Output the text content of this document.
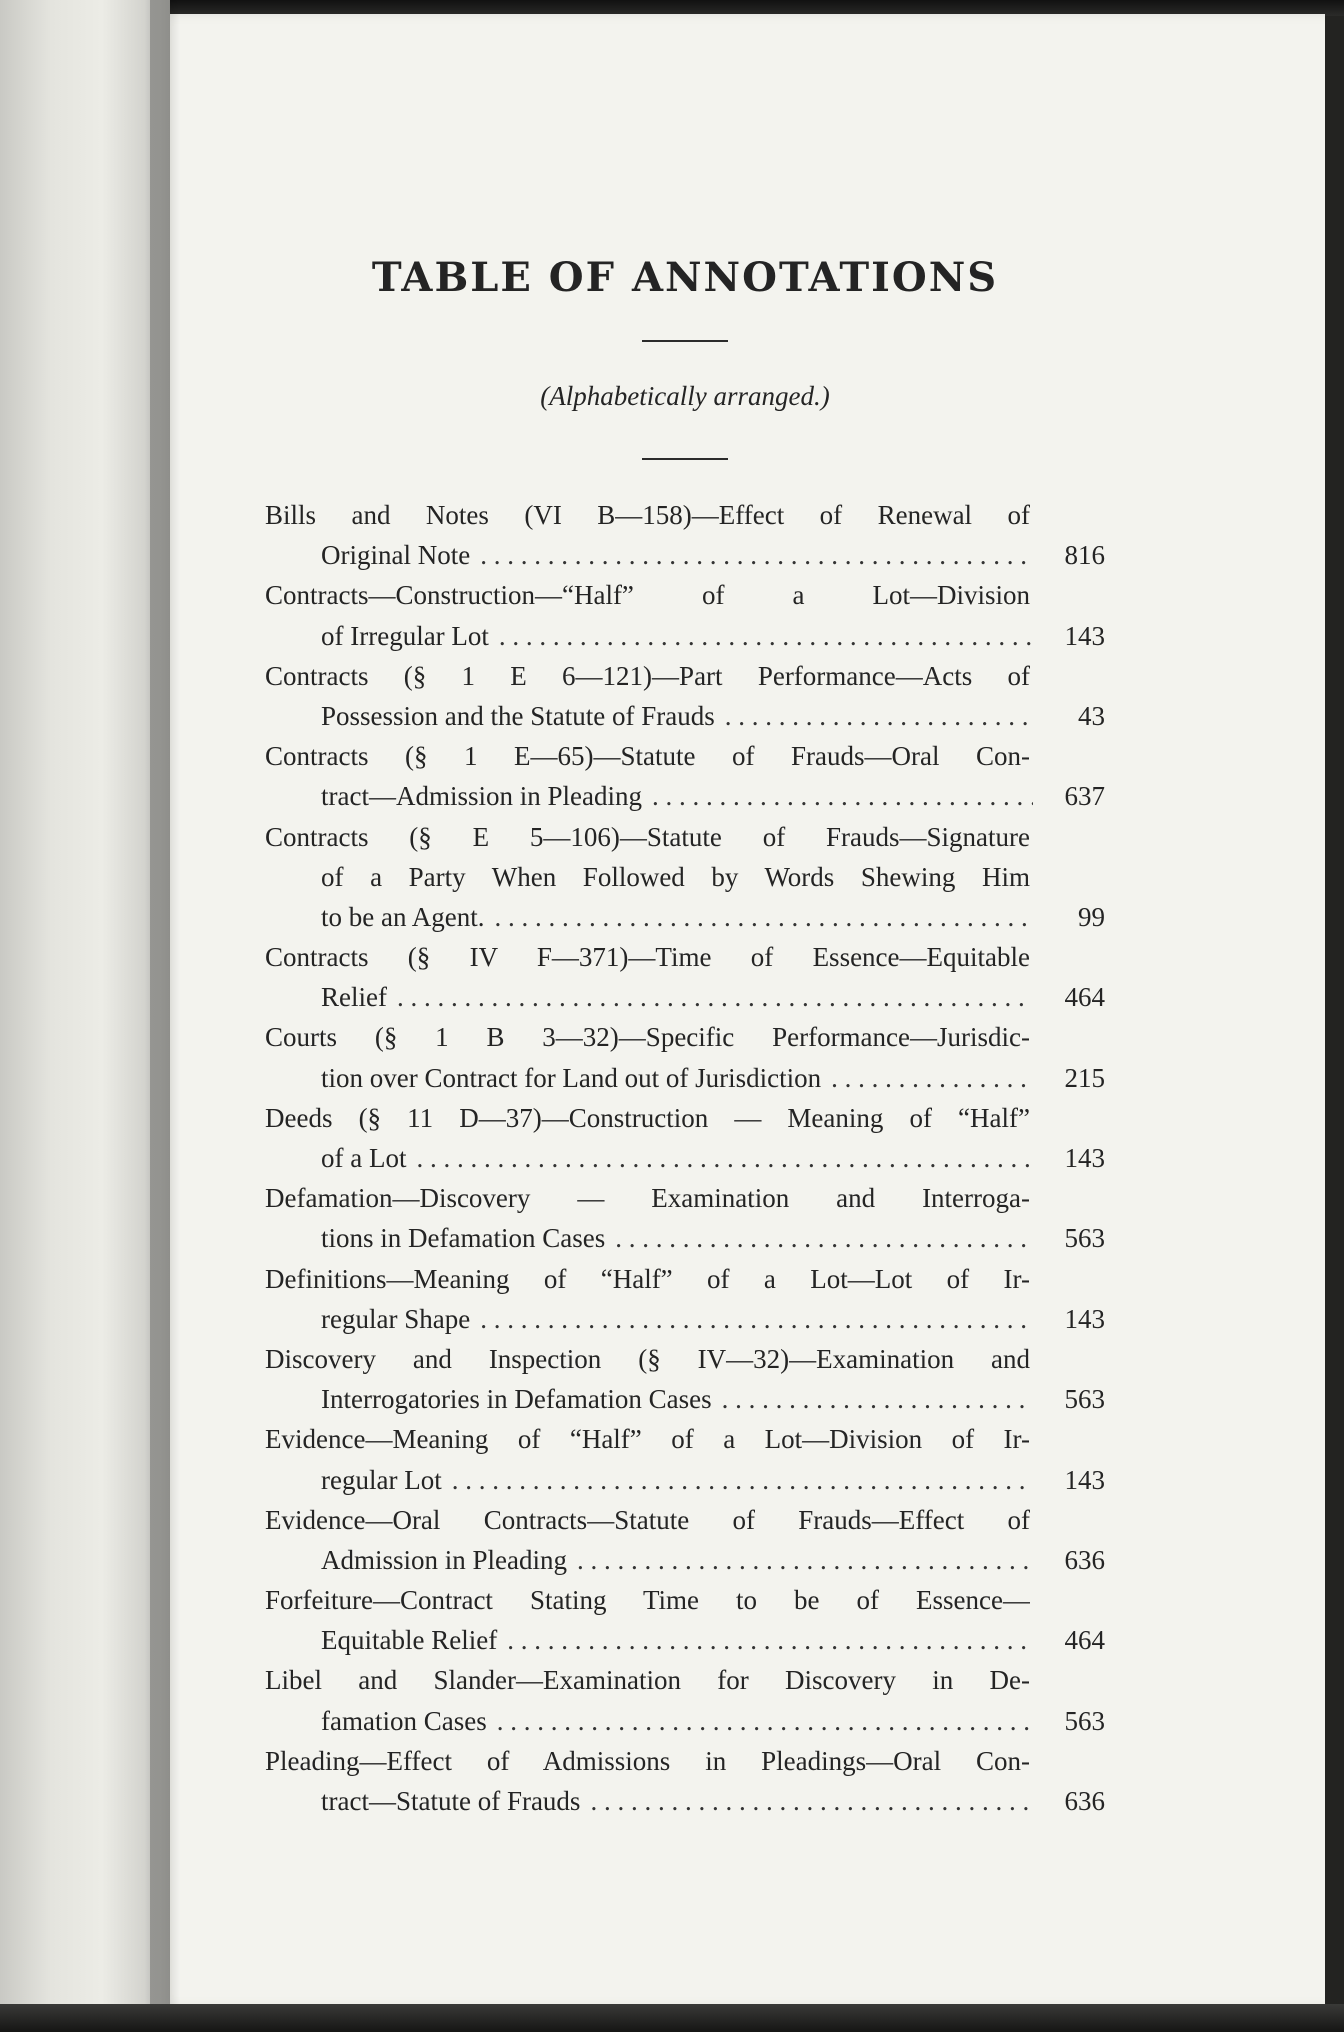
TABLE OF ANNOTATIONS
(Alphabetically arranged.)
Bills and Notes (VI B—158)—Effect of Renewal of
Original Note . . .	816
Contracts—Construction—“Half” of a Lot—Division
of Irregular Lot . . .	143
Contracts (§ 1 E 6—121)—Part Performance—Acts of
Possession and the Statute of Frauds . . .	43
Contracts (§ 1 E—65)—Statute of Frauds—Oral Con-
tract—Admission in Pleading . . .	637
Contracts (§ E 5—106)—Statute of Frauds—Signature
of a Party When Followed by Words Shewing Him
to be an Agent. . . .	99
Contracts (§ IV F—371)—Time of Essence—Equitable
Relief . . .	464
Courts (§ 1 B 3—32)—Specific Performance—Jurisdic-
tion over Contract for Land out of Jurisdiction . . .	215
Deeds (§ 11 D—37)—Construction — Meaning of “Half”
of a Lot . . .	143
Defamation—Discovery — Examination and Interroga-
tions in Defamation Cases . . .	563
Definitions—Meaning of “Half” of a Lot—Lot of Ir-
regular Shape . . .	143
Discovery and Inspection (§ IV—32)—Examination and
Interrogatories in Defamation Cases . . .	563
Evidence—Meaning of “Half” of a Lot—Division of Ir-
regular Lot . . .	143
Evidence—Oral Contracts—Statute of Frauds—Effect of
Admission in Pleading . . .	636
Forfeiture—Contract Stating Time to be of Essence—
Equitable Relief . . .	464
Libel and Slander—Examination for Discovery in De-
famation Cases . . .	563
Pleading—Effect of Admissions in Pleadings—Oral Con-
tract—Statute of Frauds . . .	636
